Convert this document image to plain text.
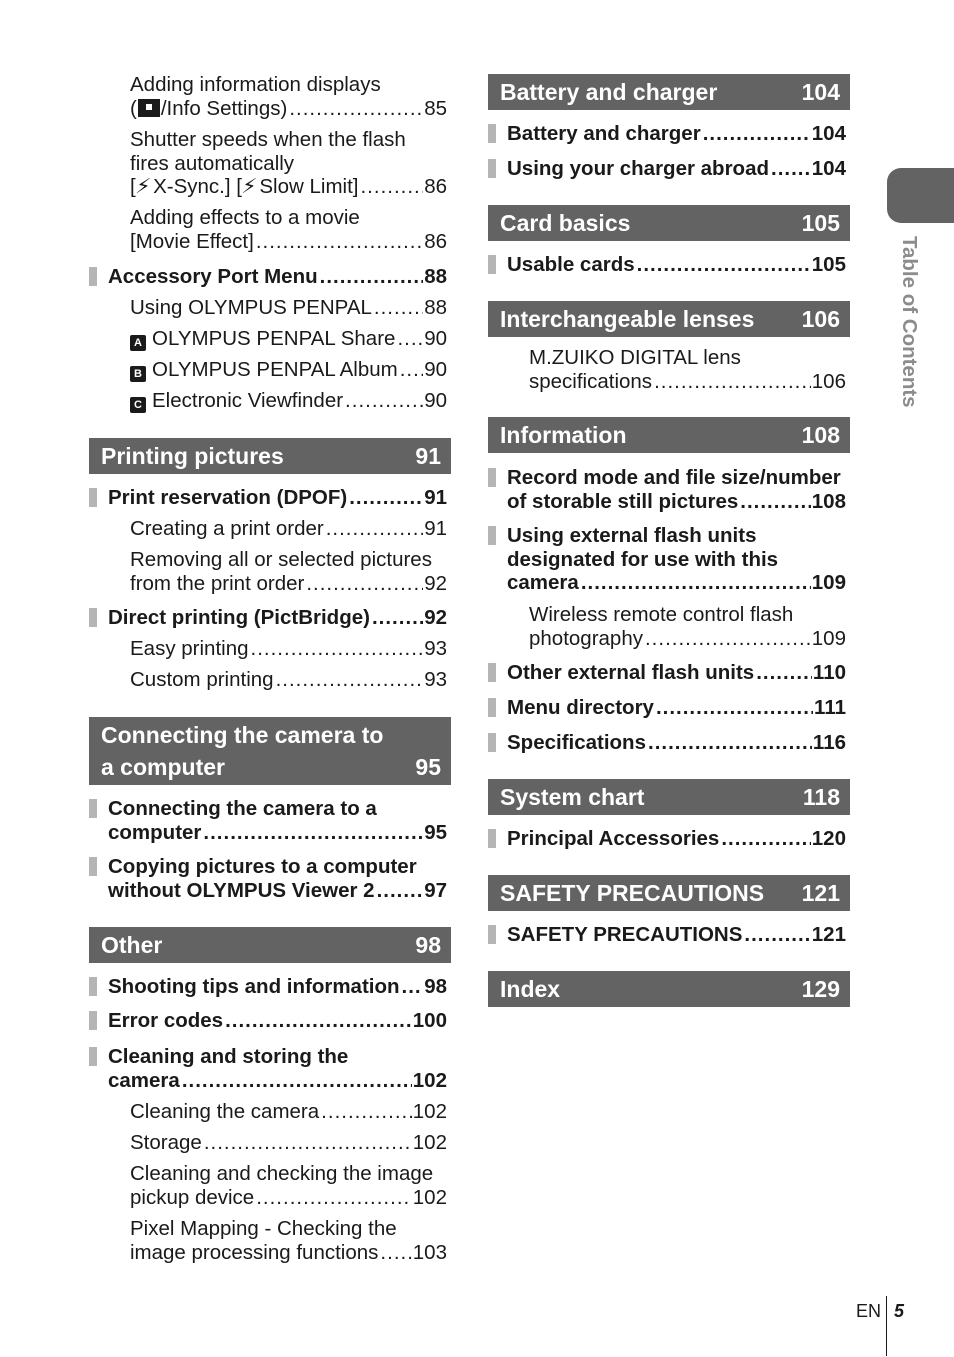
Adding information displays
( /Info Settings) .....	85
Shutter speeds when the flash
fires automatically
[⚡︎X-Sync.] [⚡︎Slow Limit] .....	86
Adding effects to a movie
[Movie Effect] .....	86
Accessory Port Menu .....	88
Using OLYMPUS PENPAL .....	88
A OLYMPUS PENPAL Share ..... 90
B OLYMPUS PENPAL Album ..... 90
C Electronic Viewfinder .....	90
Printing pictures	91
Print reservation (DPOF) .....	91
Creating a print order .....	91
Removing all or selected pictures
from the print order .....	92
Direct printing (PictBridge) .....	92
Easy printing .....	93
Custom printing .....	93
Connecting the camera to a computer	95
Connecting the camera to a
computer .....	95
Copying pictures to a computer
without OLYMPUS Viewer 2 ..... 97
Other	98
Shooting tips and information ..... 98
Error codes .....	100
Cleaning and storing the
camera .....	102
Cleaning the camera .....	102
Storage .....	102
Cleaning and checking the image
pickup device .....	102
Pixel Mapping - Checking the
image processing functions ..... 103
Battery and charger	104
Battery and charger .....	104
Using your charger abroad ..... 104
Card basics	105
Usable cards .....	105
Interchangeable lenses	106
M.ZUIKO DIGITAL lens
specifications .....	106
Information	108
Record mode and file size/number
of storable still pictures .....	108
Using external flash units
designated for use with this
camera .....	109
Wireless remote control flash
photography .....	109
Other external flash units .....	110
Menu directory .....	111
Specifications .....	116
System chart	118
Principal Accessories .....	120
SAFETY PRECAUTIONS	121
SAFETY PRECAUTIONS .....	121
Index	129
Table of Contents
EN 5
